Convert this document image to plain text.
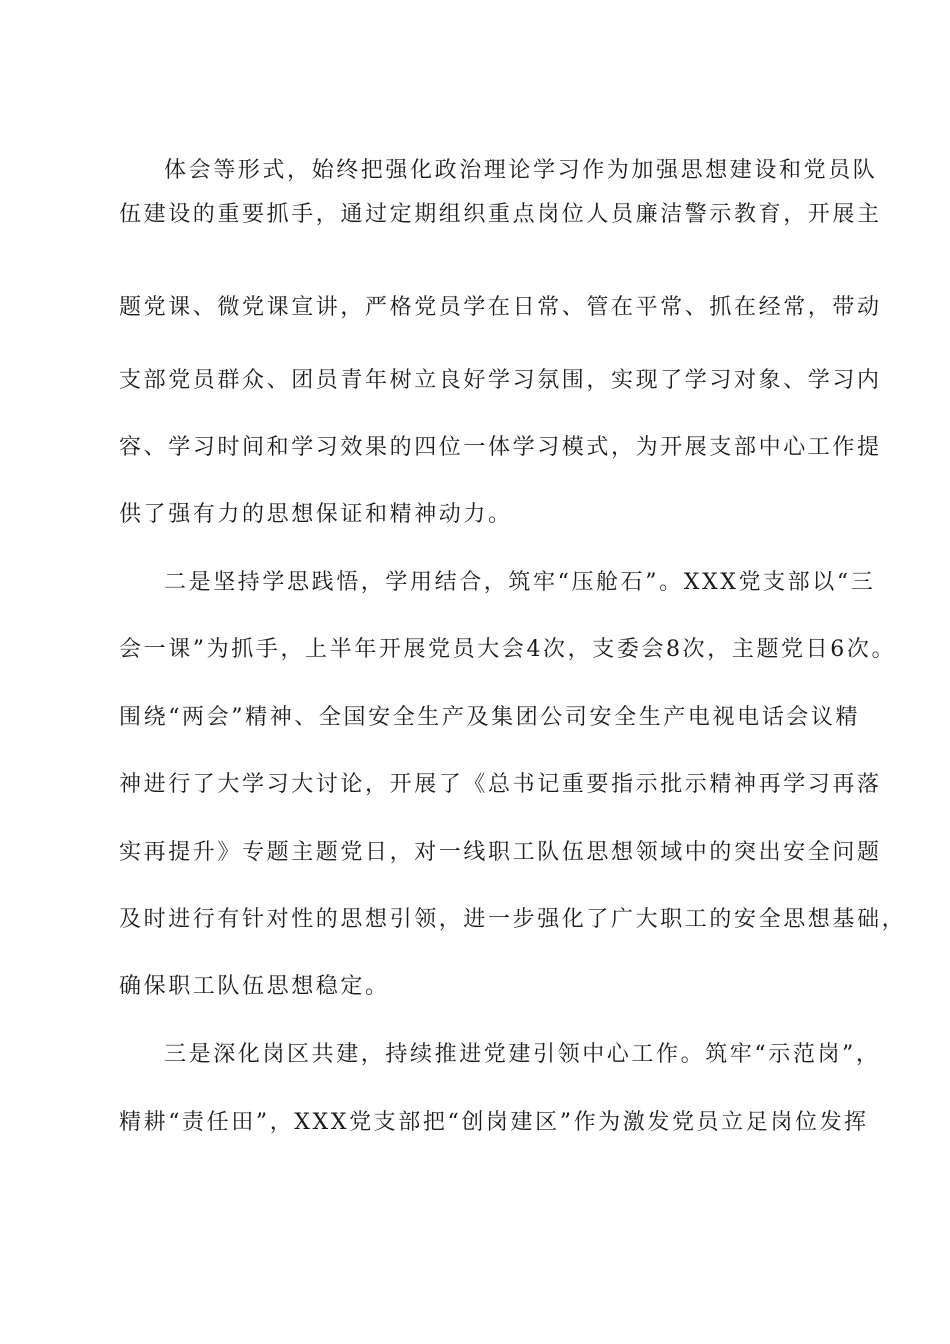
体会等形式，始终把强化政治理论学习作为加强思想建设和党员队
伍建设的重要抓手，通过定期组织重点岗位人员廉洁警示教育，开展主
题党课、微党课宣讲，严格党员学在日常、管在平常、抓在经常，带动
支部党员群众、团员青年树立良好学习氛围，实现了学习对象、学习内
容、学习时间和学习效果的四位一体学习模式，为开展支部中心工作提
供了强有力的思想保证和精神动力。
二是坚持学思践悟，学用结合，筑牢“压舱石”。XXX党支部以“三
会一课”为抓手，上半年开展党员大会4次，支委会8次，主题党日6次。
围绕“两会”精神、全国安全生产及集团公司安全生产电视电话会议精
神进行了大学习大讨论，开展了《总书记重要指示批示精神再学习再落
实再提升》专题主题党日，对一线职工队伍思想领域中的突出安全问题
及时进行有针对性的思想引领，进一步强化了广大职工的安全思想基础，
确保职工队伍思想稳定。
三是深化岗区共建，持续推进党建引领中心工作。筑牢“示范岗”，
精耕“责任田”，XXX党支部把“创岗建区”作为激发党员立足岗位发挥
